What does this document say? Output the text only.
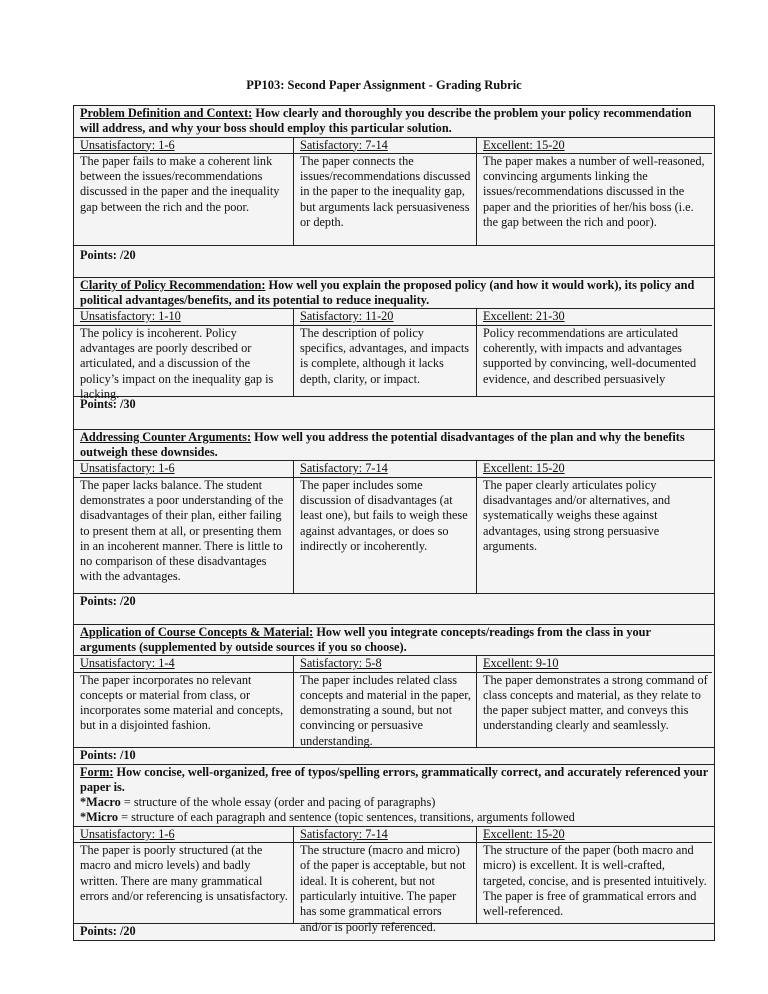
PP103: Second Paper Assignment - Grading Rubric
Problem Definition and Context: How clearly and thoroughly you describe the problem your policy recommendation will address, and why your boss should employ this particular solution.
Unsatisfactory: 1-6
The paper fails to make a coherent link between the issues/recommendations discussed in the paper and the inequality gap between the rich and the poor.
Satisfactory: 7-14
The paper connects the issues/recommendations discussed in the paper to the inequality gap, but arguments lack persuasiveness or depth.
Excellent: 15-20
The paper makes a number of well-reasoned, convincing arguments linking the issues/recommendations discussed in the paper and the priorities of her/his boss (i.e. the gap between the rich and poor).
Points: /20
Clarity of Policy Recommendation: How well you explain the proposed policy (and how it would work), its policy and political advantages/benefits, and its potential to reduce inequality.
Unsatisfactory: 1-10
The policy is incoherent. Policy advantages are poorly described or articulated, and a discussion of the policy’s impact on the inequality gap is lacking.
Satisfactory: 11-20
The description of policy specifics, advantages, and impacts is complete, although it lacks depth, clarity, or impact.
Excellent: 21-30
Policy recommendations are articulated coherently, with impacts and advantages supported by convincing, well-documented evidence, and described persuasively
Points: /30
Addressing Counter Arguments: How well you address the potential disadvantages of the plan and why the benefits outweigh these downsides.
Unsatisfactory: 1-6
The paper lacks balance. The student demonstrates a poor understanding of the disadvantages of their plan, either failing to present them at all, or presenting them in an incoherent manner. There is little to no comparison of these disadvantages with the advantages.
Satisfactory: 7-14
The paper includes some discussion of disadvantages (at least one), but fails to weigh these against advantages, or does so indirectly or incoherently.
Excellent: 15-20
The paper clearly articulates policy disadvantages and/or alternatives, and systematically weighs these against advantages, using strong persuasive arguments.
Points: /20
Application of Course Concepts & Material: How well you integrate concepts/readings from the class in your arguments (supplemented by outside sources if you so choose).
Unsatisfactory: 1-4
The paper incorporates no relevant concepts or material from class, or incorporates some material and concepts, but in a disjointed fashion.
Satisfactory: 5-8
The paper includes related class concepts and material in the paper, demonstrating a sound, but not convincing or persuasive understanding.
Excellent: 9-10
The paper demonstrates a strong command of class concepts and material, as they relate to the paper subject matter, and conveys this understanding clearly and seamlessly.
Points: /10
Form: How concise, well-organized, free of typos/spelling errors, grammatically correct, and accurately referenced your paper is.
*Macro = structure of the whole essay (order and pacing of paragraphs)
*Micro = structure of each paragraph and sentence (topic sentences, transitions, arguments followed
Unsatisfactory: 1-6
The paper is poorly structured (at the macro and micro levels) and badly written. There are many grammatical errors and/or referencing is unsatisfactory.
Satisfactory: 7-14
The structure (macro and micro) of the paper is acceptable, but not ideal. It is coherent, but not particularly intuitive. The paper has some grammatical errors and/or is poorly referenced.
Excellent: 15-20
The structure of the paper (both macro and micro) is excellent. It is well-crafted, targeted, concise, and is presented intuitively. The paper is free of grammatical errors and well-referenced.
Points: /20
